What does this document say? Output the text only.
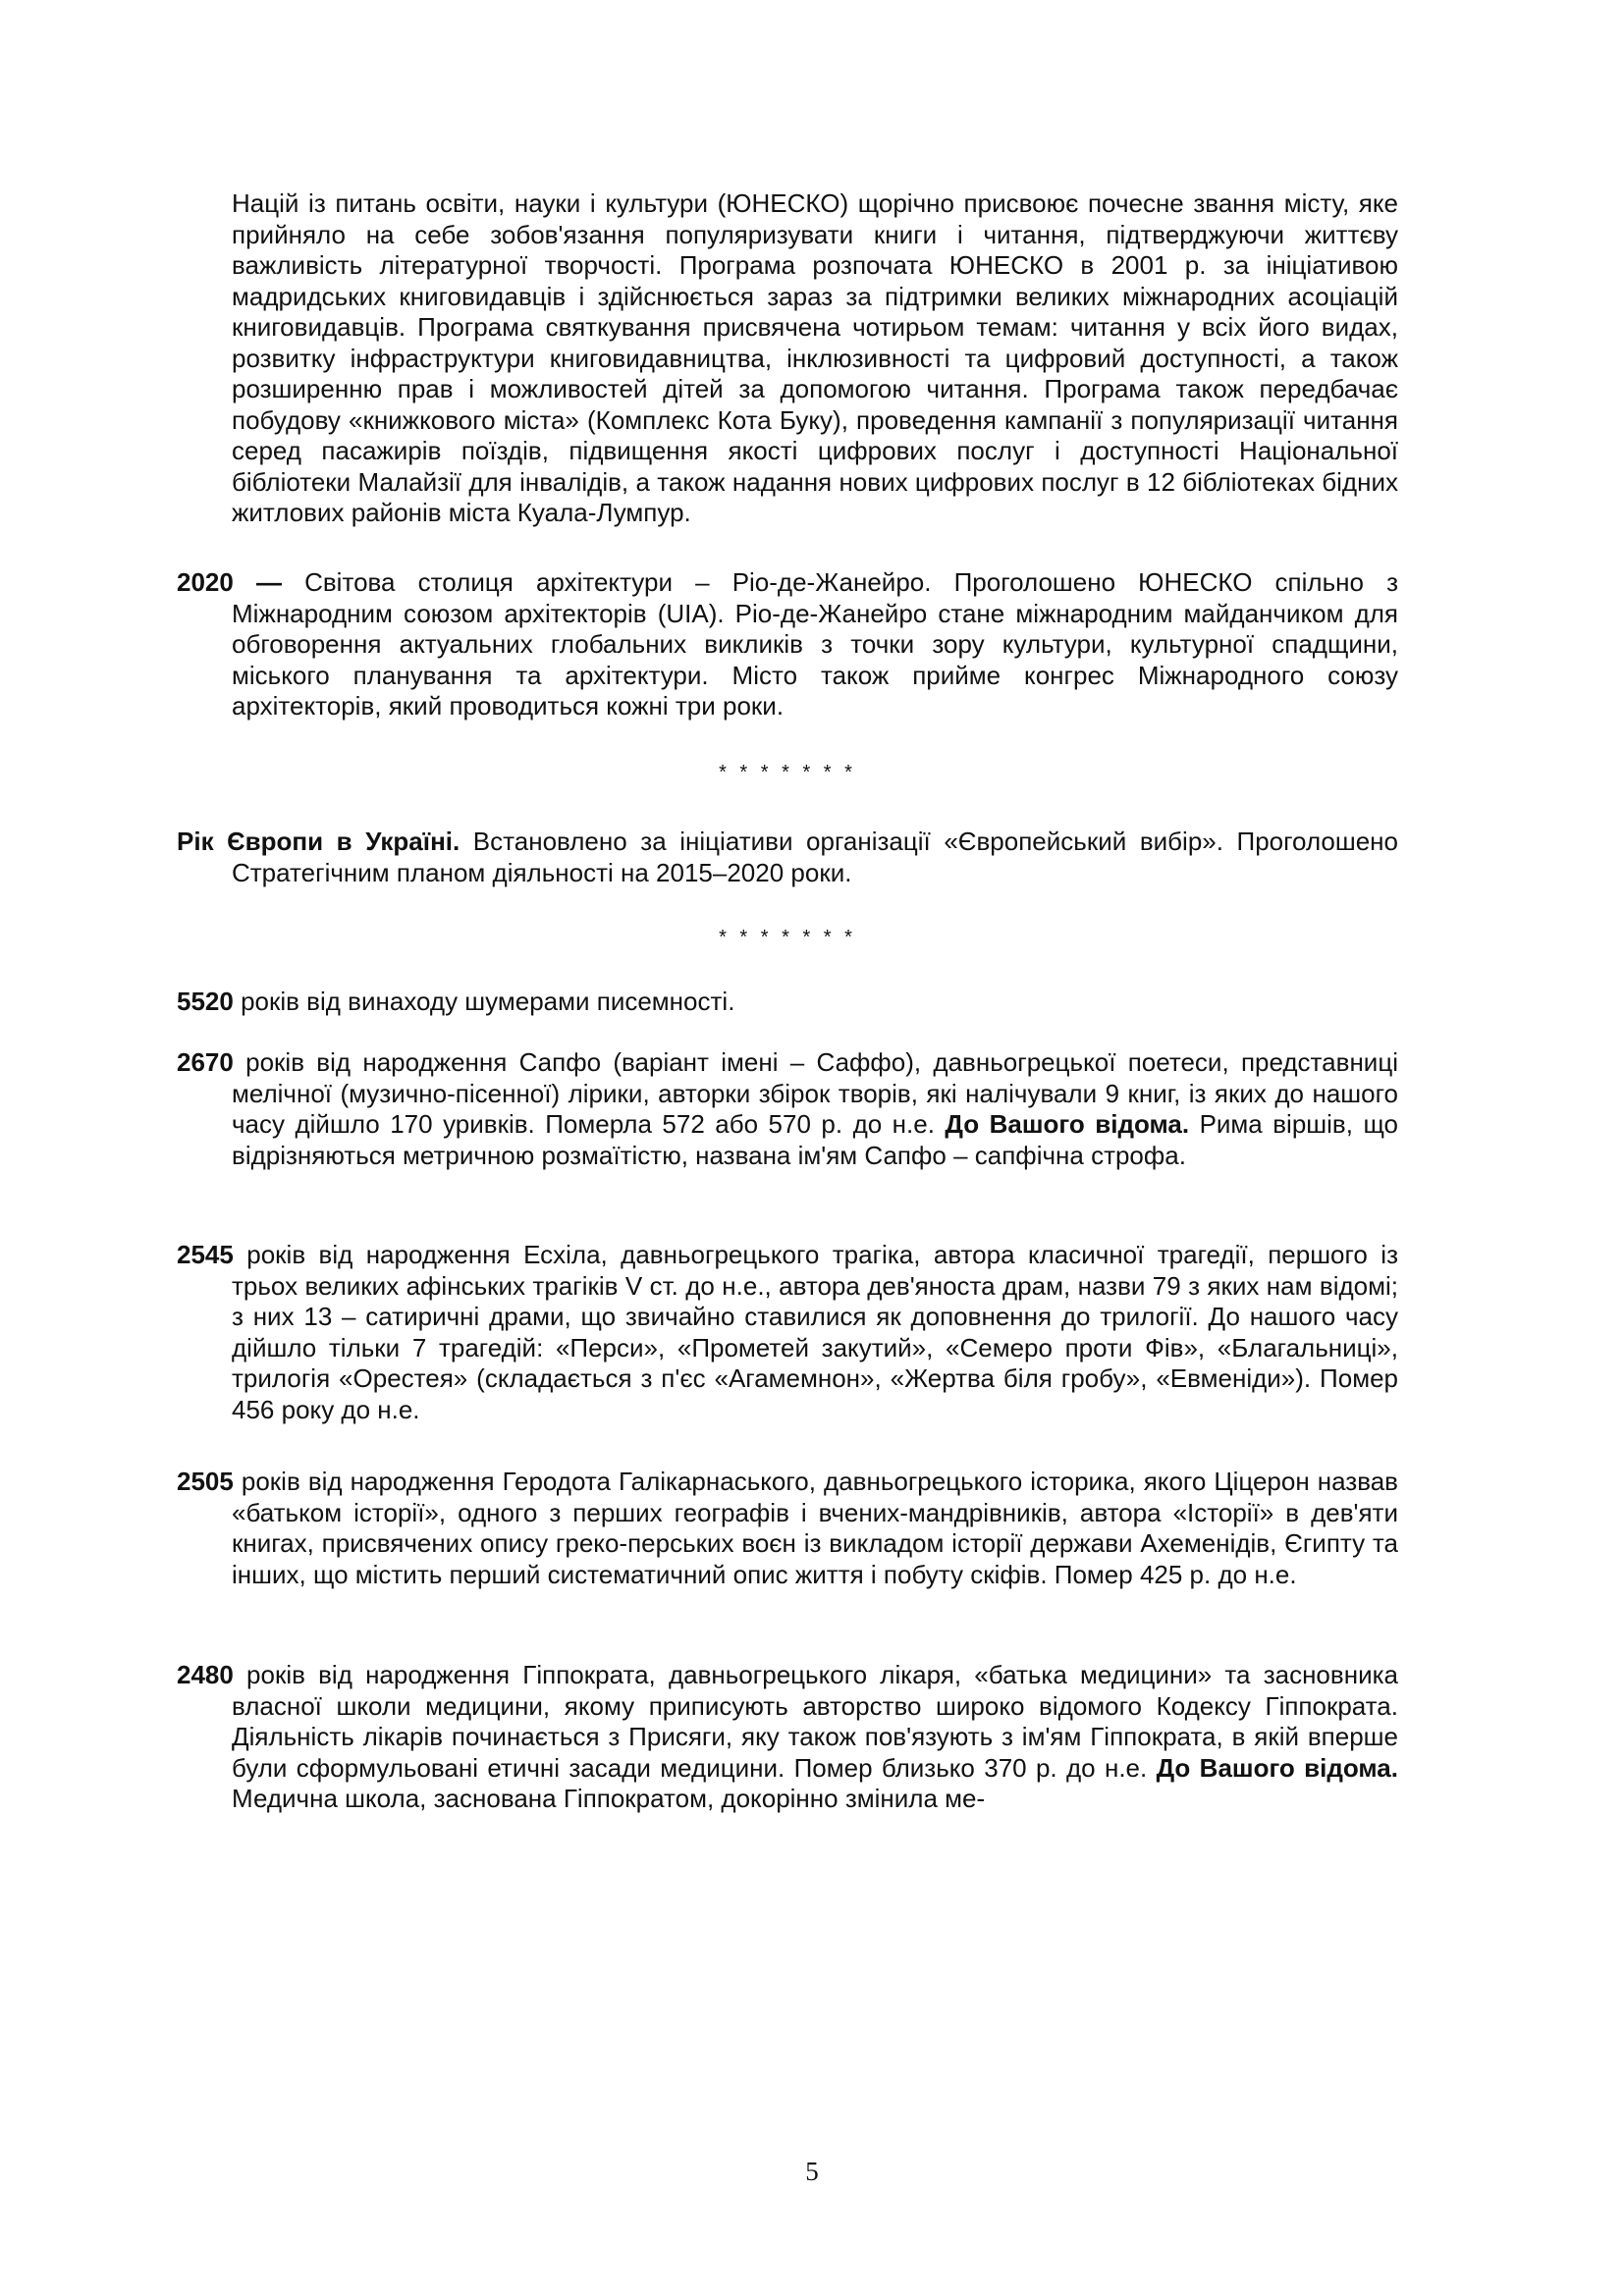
Націй із питань освіти, науки і культури (ЮНЕСКО) щорічно присвоює почесне звання місту, яке прийняло на себе зобов'язання популяризувати книги і читання, підтверджуючи життєву важливість літературної творчості. Програма розпочата ЮНЕСКО в 2001 р. за ініціативою мадридських книговидавців і здійснюється зараз за підтримки великих міжнародних асоціацій книговидавців. Програма святкування присвячена чотирьом темам: читання у всіх його видах, розвитку інфраструктури книговидавництва, інклюзивності та цифровий доступності, а також розширенню прав і можливостей дітей за допомогою читання. Програма також передбачає побудову «книжкового міста» (Комплекс Кота Буку), проведення кампанії з популяризації читання серед пасажирів поїздів, підвищення якості цифрових послуг і доступності Національної бібліотеки Малайзії для інвалідів, а також надання нових цифрових послуг в 12 бібліотеках бідних житлових районів міста Куала-Лумпур.

2020 — Світова столиця архітектури – Ріо-де-Жанейро. Проголошено ЮНЕСКО спільно з Міжнародним союзом архітекторів (UIA). Ріо-де-Жанейро стане міжнародним майданчиком для обговорення актуальних глобальних викликів з точки зору культури, культурної спадщини, міського планування та архітектури. Місто також прийме конгрес Міжнародного союзу архітекторів, який проводиться кожні три роки.

* * * * * * *

Рік Європи в Україні. Встановлено за ініціативи організації «Європейський вибір». Проголошено Стратегічним планом діяльності на 2015–2020 роки.

* * * * * * *

5520 років від винаходу шумерами писемності.

2670 років від народження Сапфо (варіант імені – Саффо), давньогрецької поетеси, представниці мелічної (музично-пісенної) лірики, авторки збірок творів, які налічували 9 книг, із яких до нашого часу дійшло 170 уривків. Померла 572 або 570 р. до н.е. До Вашого відома. Рима віршів, що відрізняються метричною розмаїтістю, названа ім'ям Сапфо – сапфічна строфа.

2545 років від народження Есхіла, давньогрецького трагіка, автора класичної трагедії, першого із трьох великих афінських трагіків V ст. до н.е., автора дев'яноста драм, назви 79 з яких нам відомі; з них 13 – сатиричні драми, що звичайно ставилися як доповнення до трилогії. До нашого часу дійшло тільки 7 трагедій: «Перси», «Прометей закутий», «Семеро проти Фів», «Благальниці», трилогія «Орестея» (складається з п'єс «Агамемнон», «Жертва біля гробу», «Евменіди»). Помер 456 року до н.е.

2505 років від народження Геродота Галікарнаського, давньогрецького історика, якого Ціцерон назвав «батьком історії», одного з перших географів і вчених-мандрівників, автора «Історії» в дев'яти книгах, присвячених опису греко-перських воєн із викладом історії держави Ахеменідів, Єгипту та інших, що містить перший систематичний опис життя і побуту скіфів. Помер 425 р. до н.е.

2480 років від народження Гіппократа, давньогрецького лікаря, «батька медицини» та засновника власної школи медицини, якому приписують авторство широко відомого Кодексу Гіппократа. Діяльність лікарів починається з Присяги, яку також пов'язують з ім'ям Гіппократа, в якій вперше були сформульовані етичні засади медицини. Помер близько 370 р. до н.е. До Вашого відома. Медична школа, заснована Гіппократом, докорінно змінила ме-

5
